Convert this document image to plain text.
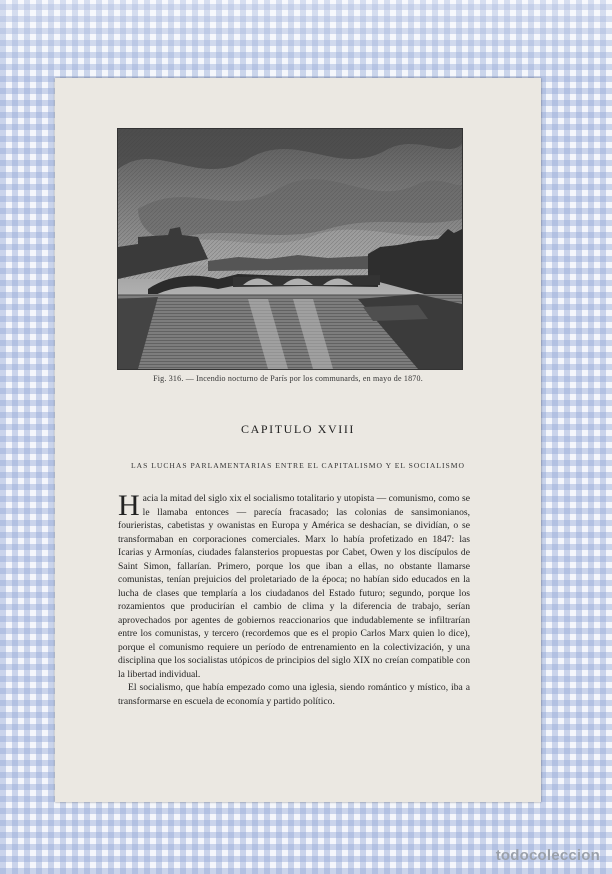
Fig. 316. — Incendio nocturno de París por los communards, en mayo de 1870.
CAPITULO XVIII
LAS LUCHAS PARLAMENTARIAS ENTRE EL CAPITALISMO Y EL SOCIALISMO

Hacia la mitad del siglo xix el socialismo totalitario y utopista — comunismo, como se le llamaba entonces — parecía fracasado; las colonias de sansimonianos, fourieristas, cabetistas y owanistas en Europa y América se deshacían, se dividían, o se transformaban en corporaciones comerciales. Marx lo había profetizado en 1847: las Icarias y Armonías, ciudades falansterios propuestas por Cabet, Owen y los discípulos de Saint Simon, fallarían. Primero, porque los que iban a ellas, no obstante llamarse comunistas, tenían prejuicios del proletariado de la época; no habían sido educados en la lucha de clases que templaría a los ciudadanos del Estado futuro; segundo, porque los rozamientos que producirían el cambio de clima y la diferencia de trabajo, serían aprovechados por agentes de gobiernos reaccionarios que indudablemente se infiltrarían entre los comunistas, y tercero (recordemos que es el propio Carlos Marx quien lo dice), porque el comunismo requiere un período de entrenamiento en la colectivización, y una disciplina que los socialistas utópicos de principios del siglo XIX no creían compatible con la libertad individual.

El socialismo, que había empezado como una iglesia, siendo romántico y místico, iba a transformarse en escuela de economía y partido político.

todocoleccion
